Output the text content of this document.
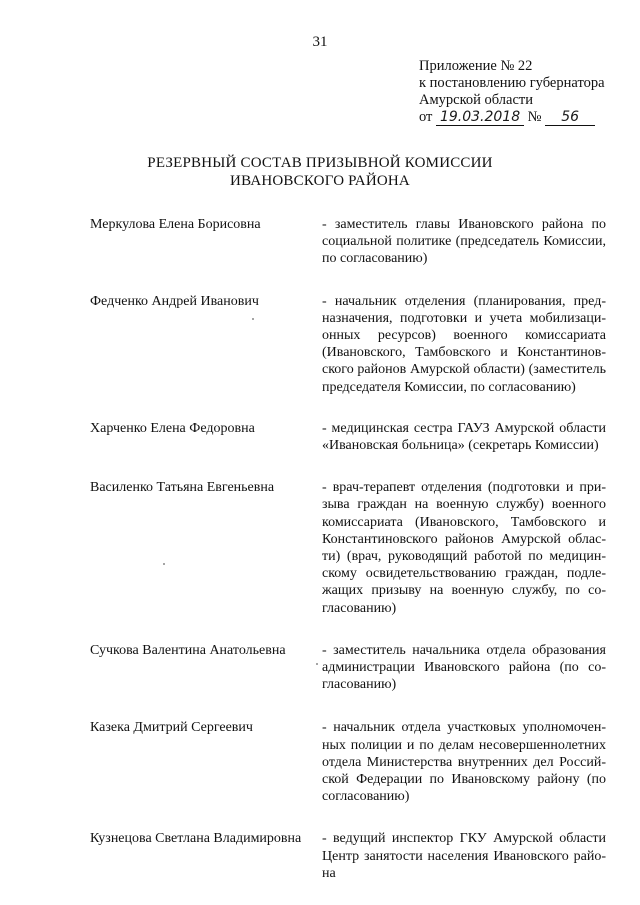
31
Приложение № 22
к постановлению губернатора
Амурской области
от 19.03.2018 № 56
РЕЗЕРВНЫЙ СОСТАВ ПРИЗЫВНОЙ КОМИССИИ
ИВАНОВСКОГО РАЙОНА
Меркулова Елена Борисовна	- заместитель главы Ивановского района по социальной политике (председатель Комиссии, по согласованию)
Федченко Андрей Иванович	- начальник отделения (планирования, предназначения, подготовки и учета мобилизационных ресурсов) военного комиссариата (Ивановского, Тамбовского и Константиновского районов Амурской области) (заместитель председателя Комиссии, по согласованию)
Харченко Елена Федоровна	- медицинская сестра ГАУЗ Амурской области «Ивановская больница» (секретарь Комиссии)
Василенко Татьяна Евгеньевна	- врач-терапевт отделения (подготовки и призыва граждан на военную службу) военного комиссариата (Ивановского, Тамбовского и Константиновского районов Амурской области) (врач, руководящий работой по медицинскому освидетельствованию граждан, подлежащих призыву на военную службу, по согласованию)
Сучкова Валентина Анатольевна	- заместитель начальника отдела образования администрации Ивановского района (по согласованию)
Казека Дмитрий Сергеевич	- начальник отдела участковых уполномоченных полиции и по делам несовершеннолетних отдела Министерства внутренних дел Российской Федерации по Ивановскому району (по согласованию)
Кузнецова Светлана Владимировна	- ведущий инспектор ГКУ Амурской области Центр занятости населения Ивановского района
